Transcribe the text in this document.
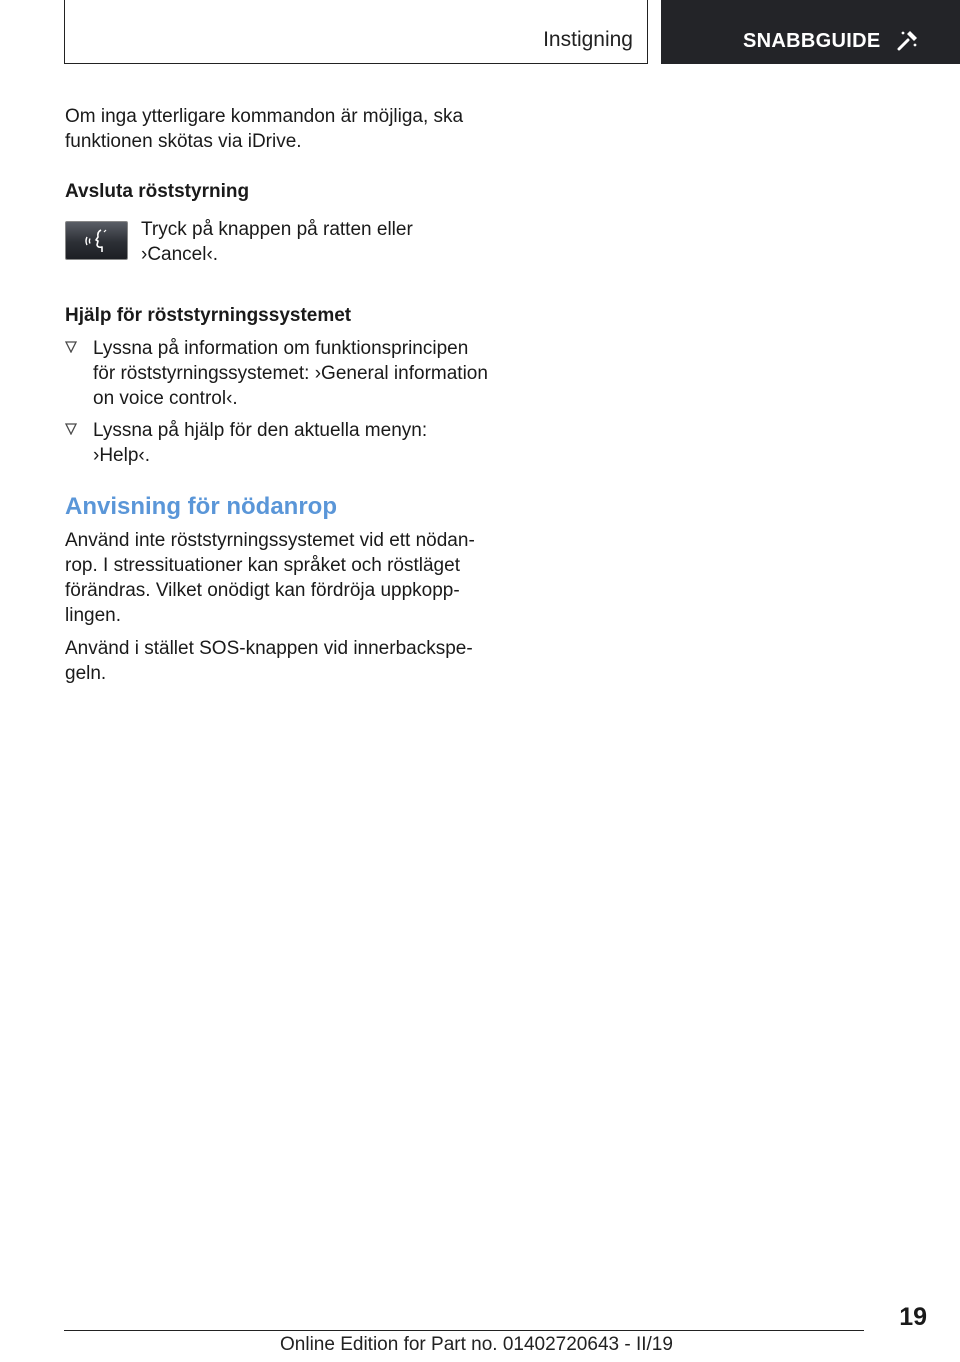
Instigning	SNABBGUIDE

Om inga ytterligare kommandon är möjliga, ska funktionen skötas via iDrive.

Avsluta röststyrning

Tryck på knappen på ratten eller ›Cancel‹.

Hjälp för röststyrningssystemet

Lyssna på information om funktionsprincipen för röststyrningssystemet: ›General information on voice control‹.

Lyssna på hjälp för den aktuella menyn: ›Help‹.

Anvisning för nödanrop

Använd inte röststyrningssystemet vid ett nödanrop. I stressituationer kan språket och röstläget förändras. Vilket onödigt kan fördröja uppkopplingen.

Använd i stället SOS-knappen vid innerbackspegeln.

19
Online Edition for Part no. 01402720643 - II/19
